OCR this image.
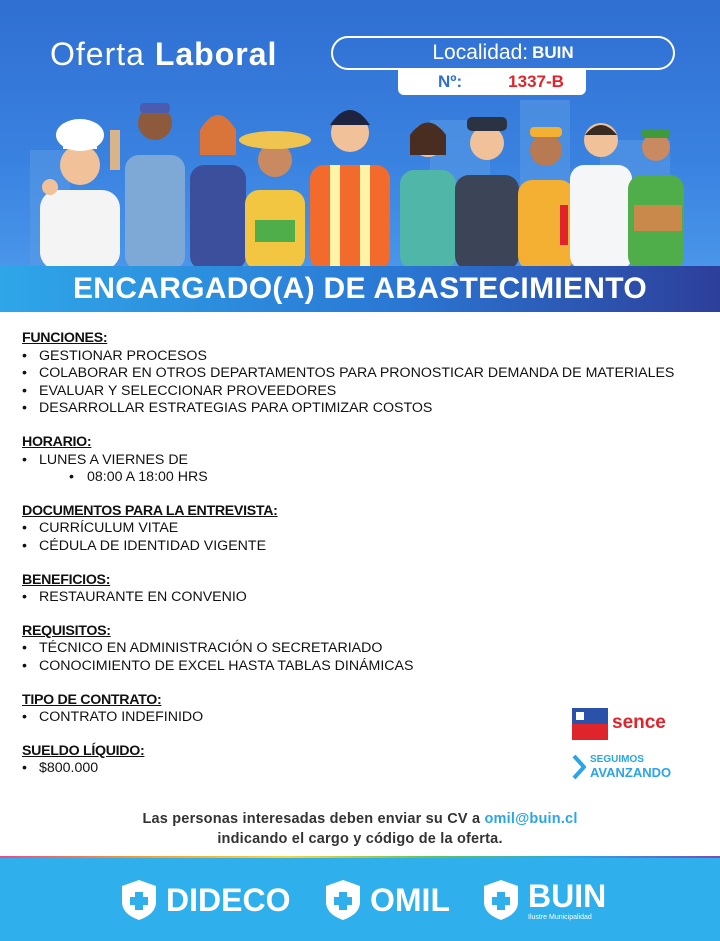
Oferta Laboral	Localidad: BUIN
Nº:	1337-B
ENCARGADO(A) DE ABASTECIMIENTO
FUNCIONES:
• GESTIONAR PROCESOS
• COLABORAR EN OTROS DEPARTAMENTOS PARA PRONOSTICAR DEMANDA DE MATERIALES
• EVALUAR Y SELECCIONAR PROVEEDORES
• DESARROLLAR ESTRATEGIAS PARA OPTIMIZAR COSTOS
HORARIO:
• LUNES A VIERNES DE
• 08:00 A 18:00 HRS
DOCUMENTOS PARA LA ENTREVISTA:
• CURRÍCULUM VITAE
• CÉDULA DE IDENTIDAD VIGENTE
BENEFICIOS:
• RESTAURANTE EN CONVENIO
REQUISITOS:
• TÉCNICO EN ADMINISTRACIÓN O SECRETARIADO
• CONOCIMIENTO DE EXCEL HASTA TABLAS DINÁMICAS
TIPO DE CONTRATO:
• CONTRATO INDEFINIDO
SUELDO LÍQUIDO:
• $800.000
sence
SEGUIMOS
AVANZANDO
Las personas interesadas deben enviar su CV a omil@buin.cl
indicando el cargo y código de la oferta.
DIDECO OMIL BUIN
Ilustre Municipalidad
